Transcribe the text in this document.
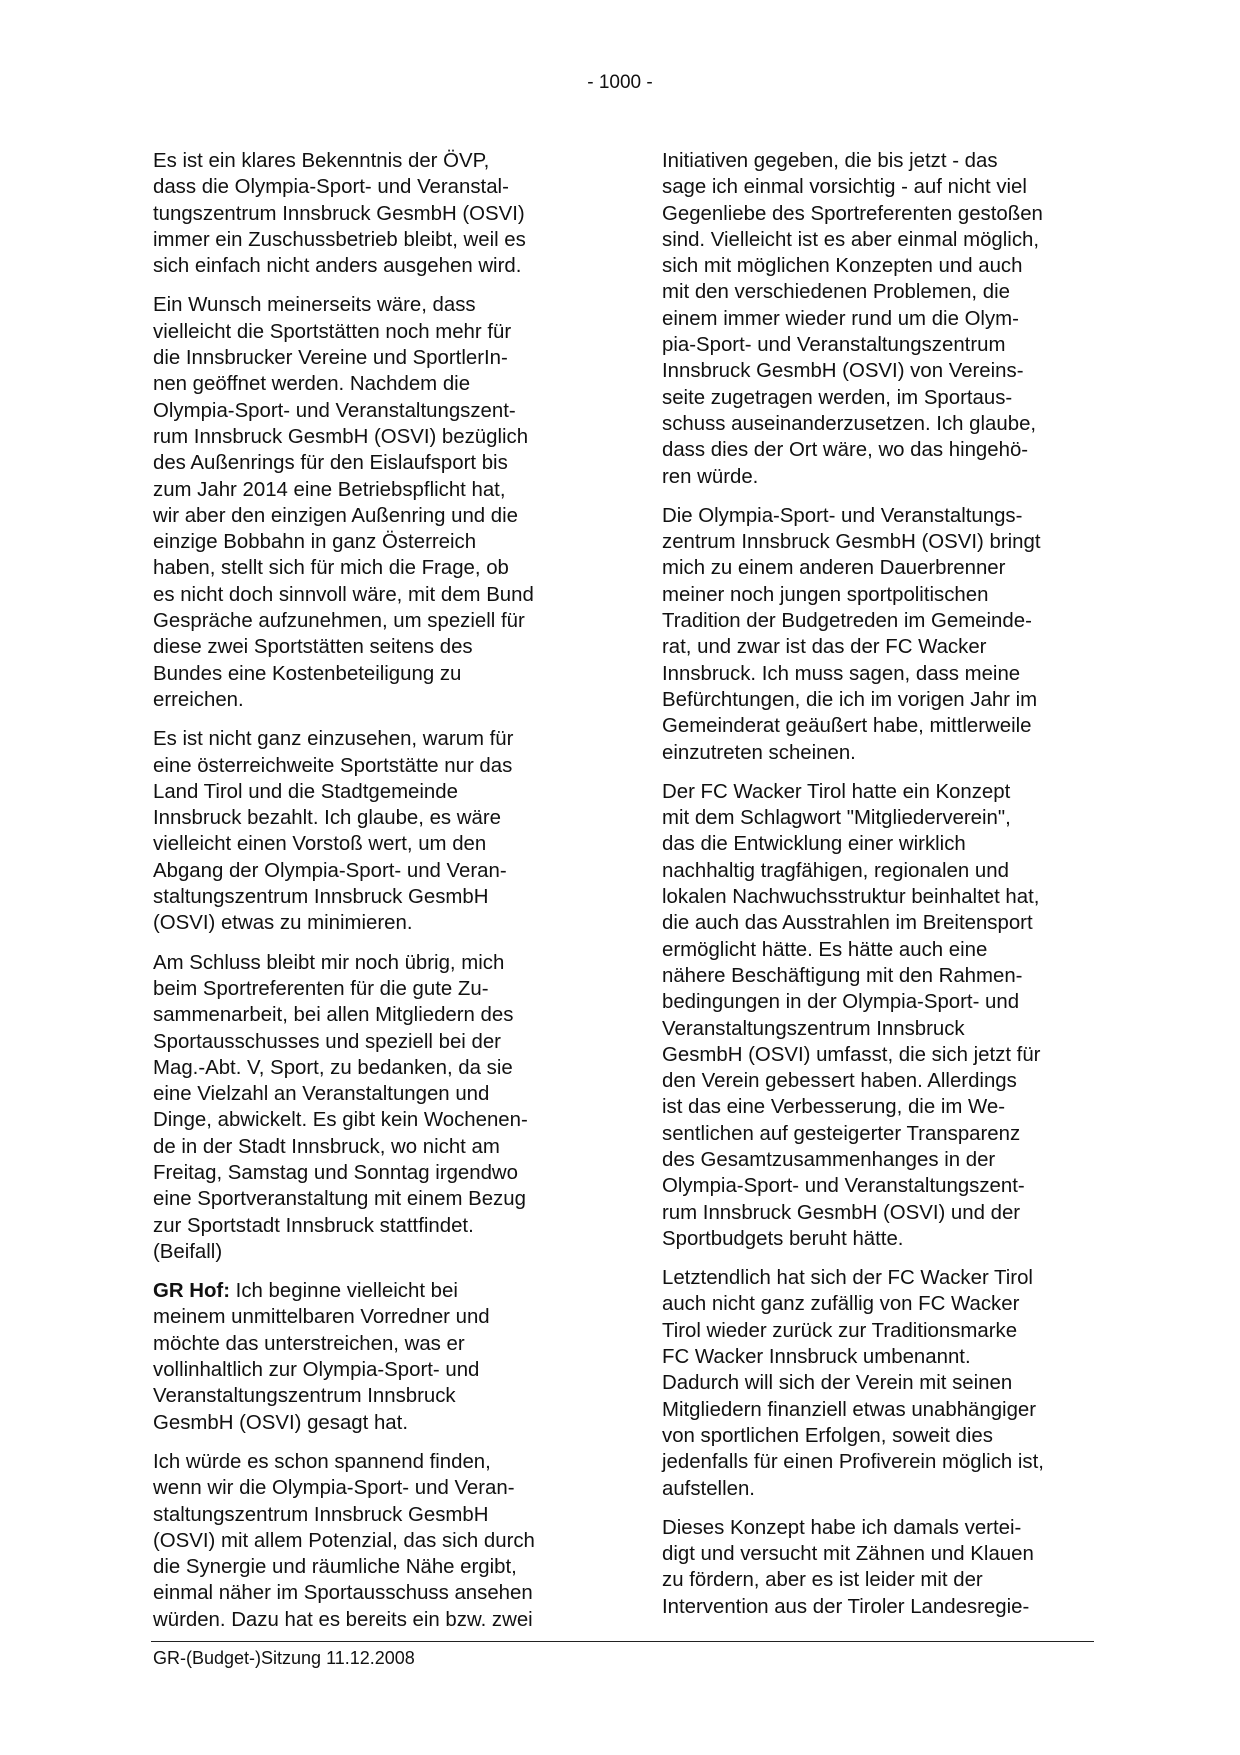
- 1000 -

Es ist ein klares Bekenntnis der ÖVP,
dass die Olympia-Sport- und Veranstal-
tungszentrum Innsbruck GesmbH (OSVI)
immer ein Zuschussbetrieb bleibt, weil es
sich einfach nicht anders ausgehen wird.

Ein Wunsch meinerseits wäre, dass
vielleicht die Sportstätten noch mehr für
die Innsbrucker Vereine und SportlerIn-
nen geöffnet werden. Nachdem die
Olympia-Sport- und Veranstaltungszent-
rum Innsbruck GesmbH (OSVI) bezüglich
des Außenrings für den Eislaufsport bis
zum Jahr 2014 eine Betriebspflicht hat,
wir aber den einzigen Außenring und die
einzige Bobbahn in ganz Österreich
haben, stellt sich für mich die Frage, ob
es nicht doch sinnvoll wäre, mit dem Bund
Gespräche aufzunehmen, um speziell für
diese zwei Sportstätten seitens des
Bundes eine Kostenbeteiligung zu
erreichen.

Es ist nicht ganz einzusehen, warum für
eine österreichweite Sportstätte nur das
Land Tirol und die Stadtgemeinde
Innsbruck bezahlt. Ich glaube, es wäre
vielleicht einen Vorstoß wert, um den
Abgang der Olympia-Sport- und Veran-
staltungszentrum Innsbruck GesmbH
(OSVI) etwas zu minimieren.

Am Schluss bleibt mir noch übrig, mich
beim Sportreferenten für die gute Zu-
sammenarbeit, bei allen Mitgliedern des
Sportausschusses und speziell bei der
Mag.-Abt. V, Sport, zu bedanken, da sie
eine Vielzahl an Veranstaltungen und
Dinge, abwickelt. Es gibt kein Wochenen-
de in der Stadt Innsbruck, wo nicht am
Freitag, Samstag und Sonntag irgendwo
eine Sportveranstaltung mit einem Bezug
zur Sportstadt Innsbruck stattfindet.
(Beifall)

GR Hof: Ich beginne vielleicht bei
meinem unmittelbaren Vorredner und
möchte das unterstreichen, was er
vollinhaltlich zur Olympia-Sport- und
Veranstaltungszentrum Innsbruck
GesmbH (OSVI) gesagt hat.

Ich würde es schon spannend finden,
wenn wir die Olympia-Sport- und Veran-
staltungszentrum Innsbruck GesmbH
(OSVI) mit allem Potenzial, das sich durch
die Synergie und räumliche Nähe ergibt,
einmal näher im Sportausschuss ansehen
würden. Dazu hat es bereits ein bzw. zwei

Initiativen gegeben, die bis jetzt - das
sage ich einmal vorsichtig - auf nicht viel
Gegenliebe des Sportreferenten gestoßen
sind. Vielleicht ist es aber einmal möglich,
sich mit möglichen Konzepten und auch
mit den verschiedenen Problemen, die
einem immer wieder rund um die Olym-
pia-Sport- und Veranstaltungszentrum
Innsbruck GesmbH (OSVI) von Vereins-
seite zugetragen werden, im Sportaus-
schuss auseinanderzusetzen. Ich glaube,
dass dies der Ort wäre, wo das hingehö-
ren würde.

Die Olympia-Sport- und Veranstaltungs-
zentrum Innsbruck GesmbH (OSVI) bringt
mich zu einem anderen Dauerbrenner
meiner noch jungen sportpolitischen
Tradition der Budgetreden im Gemeinde-
rat, und zwar ist das der FC Wacker
Innsbruck. Ich muss sagen, dass meine
Befürchtungen, die ich im vorigen Jahr im
Gemeinderat geäußert habe, mittlerweile
einzutreten scheinen.

Der FC Wacker Tirol hatte ein Konzept
mit dem Schlagwort "Mitgliederverein",
das die Entwicklung einer wirklich
nachhaltig tragfähigen, regionalen und
lokalen Nachwuchsstruktur beinhaltet hat,
die auch das Ausstrahlen im Breitensport
ermöglicht hätte. Es hätte auch eine
nähere Beschäftigung mit den Rahmen-
bedingungen in der Olympia-Sport- und
Veranstaltungszentrum Innsbruck
GesmbH (OSVI) umfasst, die sich jetzt für
den Verein gebessert haben. Allerdings
ist das eine Verbesserung, die im We-
sentlichen auf gesteigerter Transparenz
des Gesamtzusammenhanges in der
Olympia-Sport- und Veranstaltungszent-
rum Innsbruck GesmbH (OSVI) und der
Sportbudgets beruht hätte.

Letztendlich hat sich der FC Wacker Tirol
auch nicht ganz zufällig von FC Wacker
Tirol wieder zurück zur Traditionsmarke
FC Wacker Innsbruck umbenannt.
Dadurch will sich der Verein mit seinen
Mitgliedern finanziell etwas unabhängiger
von sportlichen Erfolgen, soweit dies
jedenfalls für einen Profiverein möglich ist,
aufstellen.

Dieses Konzept habe ich damals vertei-
digt und versucht mit Zähnen und Klauen
zu fördern, aber es ist leider mit der
Intervention aus der Tiroler Landesregie-

GR-(Budget-)Sitzung 11.12.2008
